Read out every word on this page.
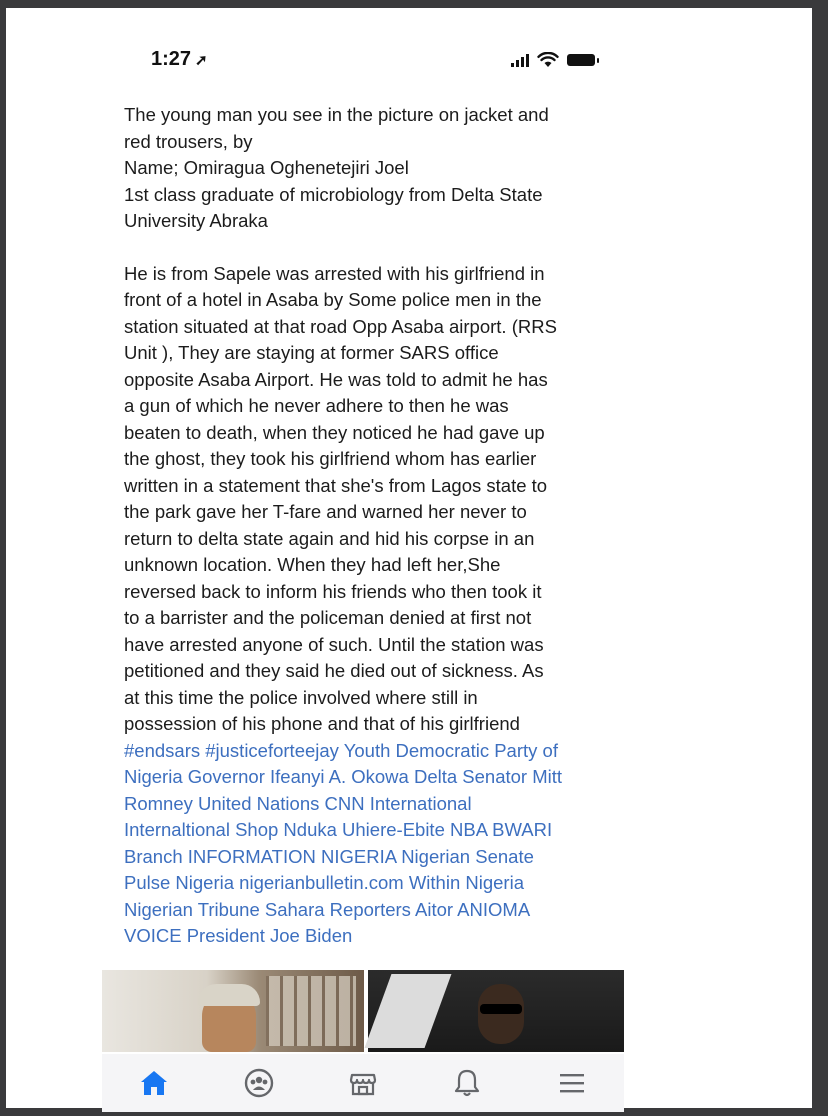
1:27 ➚

The young man you see in the picture on jacket and
red trousers, by
Name; Omiragua Oghenetejiri Joel
1st class graduate of microbiology from Delta State
University Abraka

He is from Sapele was arrested with his girlfriend in
front of a hotel in Asaba by Some police men in the
station situated at that road Opp Asaba airport. (RRS
Unit ), They are staying at former SARS office
opposite Asaba Airport. He was told to admit he has
a gun of which he never adhere to then he was
beaten to death, when they noticed he had gave up
the ghost, they took his girlfriend whom has earlier
written in a statement that she's from Lagos state to
the park gave her T-fare and warned her never to
return to delta state again and hid his corpse in an
unknown location. When they had left her,She
reversed back to inform his friends who then took it
to a barrister and the policeman denied at first not
have arrested anyone of such. Until the station was
petitioned and they said he died out of sickness. As
at this time the police involved where still in
possession of his phone and that of his girlfriend

#endsars #justiceforteejay Youth Democratic Party of
Nigeria Governor Ifeanyi A. Okowa Delta Senator Mitt
Romney United Nations CNN International
Internaltional Shop Nduka Uhiere-Ebite NBA BWARI
Branch INFORMATION NIGERIA Nigerian Senate
Pulse Nigeria nigerianbulletin.com Within Nigeria
Nigerian Tribune Sahara Reporters Aitor ANIOMA
VOICE President Joe Biden
